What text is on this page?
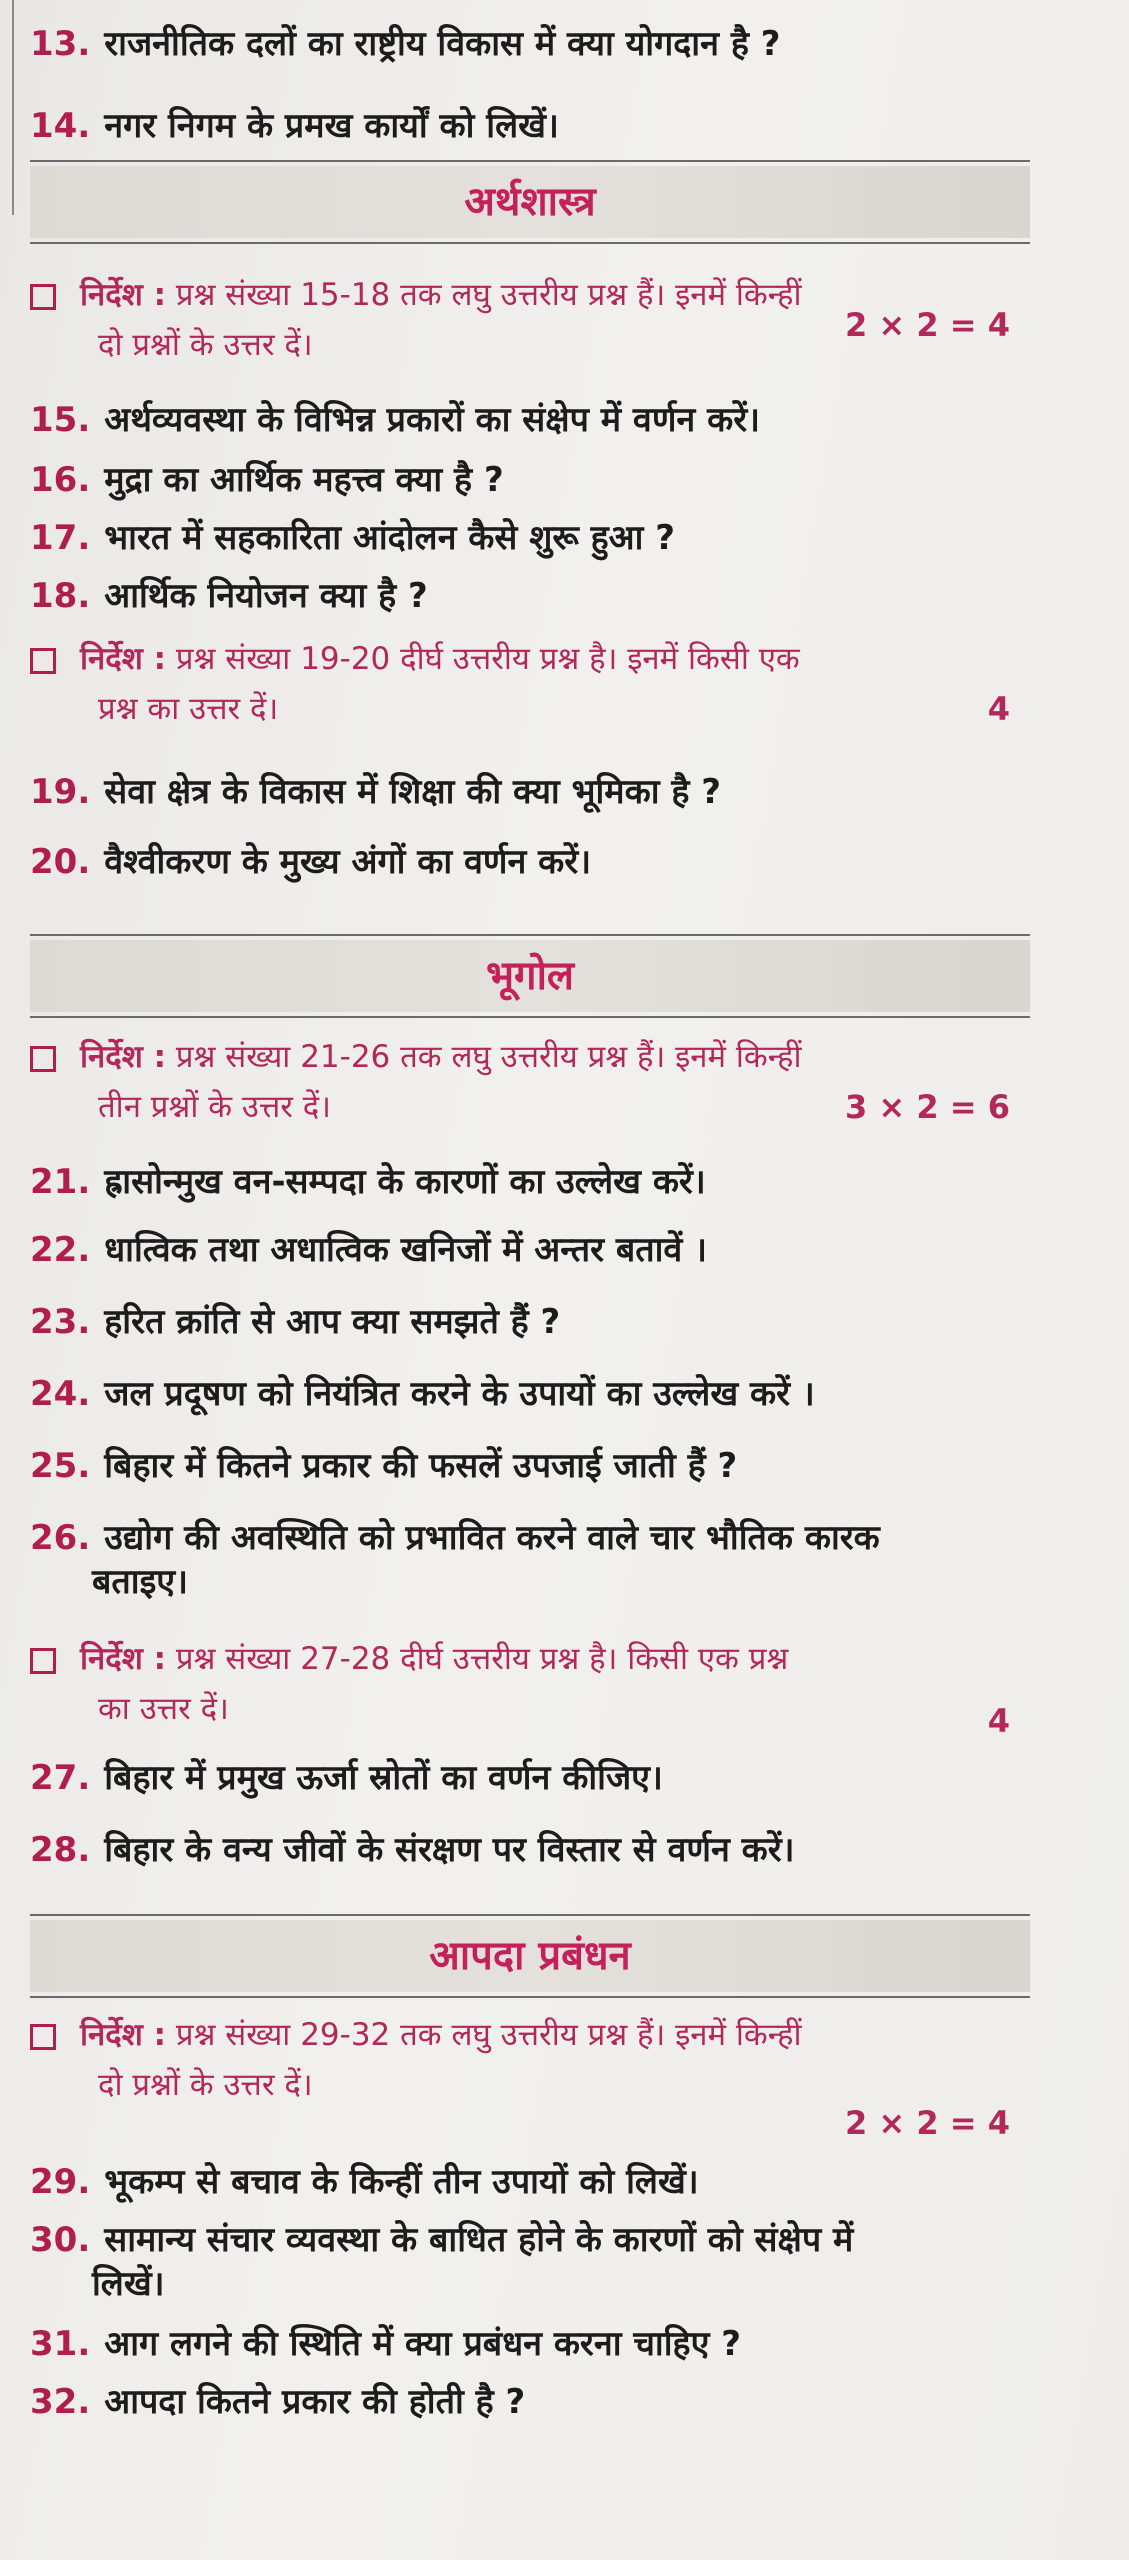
13. राजनीतिक दलों का राष्ट्रीय विकास में क्या योगदान है ?
14. नगर निगम के प्रमख कार्यों को लिखें।
अर्थशास्त्र
निर्देश : प्रश्न संख्या 15-18 तक लघु उत्तरीय प्रश्न हैं। इनमें किन्हीं
दो प्रश्नों के उत्तर दें।
2 × 2 = 4
15. अर्थव्यवस्था के विभिन्न प्रकारों का संक्षेप में वर्णन करें।
16. मुद्रा का आर्थिक महत्त्व क्या है ?
17. भारत में सहकारिता आंदोलन कैसे शुरू हुआ ?
18. आर्थिक नियोजन क्या है ?
निर्देश : प्रश्न संख्या 19-20 दीर्घ उत्तरीय प्रश्न है। इनमें किसी एक
प्रश्न का उत्तर दें।	4
19. सेवा क्षेत्र के विकास में शिक्षा की क्या भूमिका है ?
20. वैश्वीकरण के मुख्य अंगों का वर्णन करें।
भूगोल
निर्देश : प्रश्न संख्या 21-26 तक लघु उत्तरीय प्रश्न हैं। इनमें किन्हीं
तीन प्रश्नों के उत्तर दें।	3 × 2 = 6
21. ह्रासोन्मुख वन-सम्पदा के कारणों का उल्लेख करें।
22. धात्विक तथा अधात्विक खनिजों में अन्तर बतावें ।
23. हरित क्रांति से आप क्या समझते हैं ?
24. जल प्रदूषण को नियंत्रित करने के उपायों का उल्लेख करें ।
25. बिहार में कितने प्रकार की फसलें उपजाई जाती हैं ?
26. उद्योग की अवस्थिति को प्रभावित करने वाले चार भौतिक कारक
बताइए।
निर्देश : प्रश्न संख्या 27-28 दीर्घ उत्तरीय प्रश्न है। किसी एक प्रश्न
का उत्तर दें।	4
27. बिहार में प्रमुख ऊर्जा स्रोतों का वर्णन कीजिए।
28. बिहार के वन्य जीवों के संरक्षण पर विस्तार से वर्णन करें।
आपदा प्रबंधन
निर्देश : प्रश्न संख्या 29-32 तक लघु उत्तरीय प्रश्न हैं। इनमें किन्हीं
दो प्रश्नों के उत्तर दें।
2 × 2 = 4
29. भूकम्प से बचाव के किन्हीं तीन उपायों को लिखें।
30. सामान्य संचार व्यवस्था के बाधित होने के कारणों को संक्षेप में
लिखें।
31. आग लगने की स्थिति में क्या प्रबंधन करना चाहिए ?
32. आपदा कितने प्रकार की होती है ?
